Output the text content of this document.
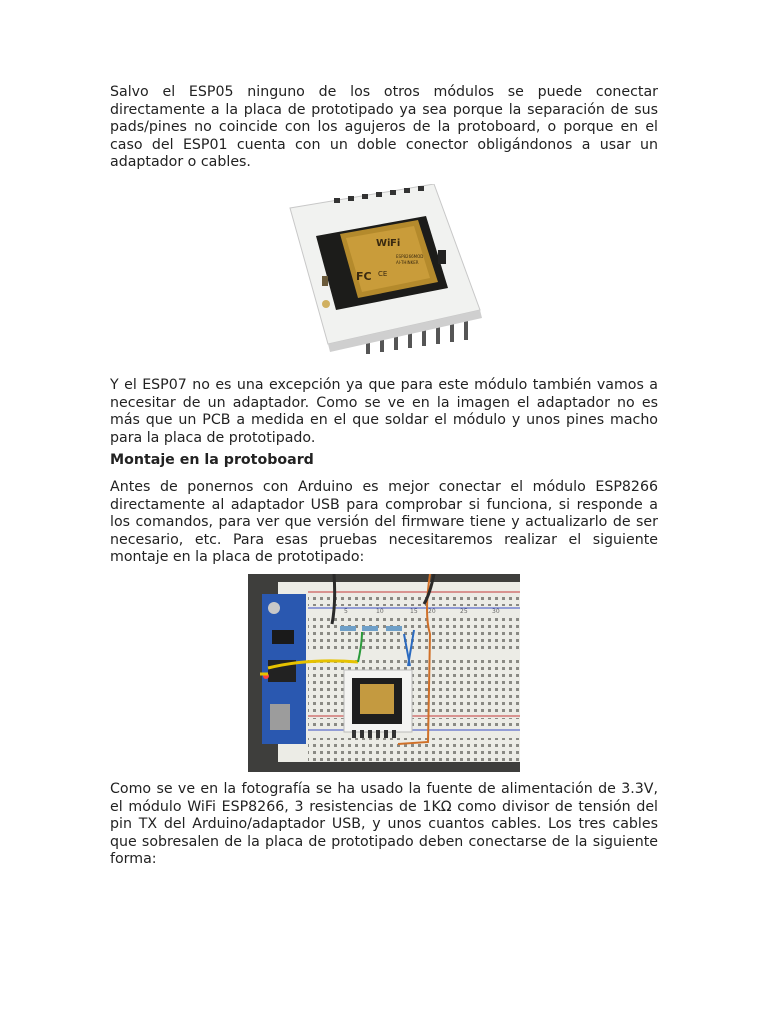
Salvo el ESP05 ninguno de los otros módulos se puede conectar directamente a la placa de prototipado ya sea porque la separación de sus pads/pines no coincide con los agujeros de la protoboard, o porque en el caso del ESP01 cuenta con un doble conector obligándonos a usar un adaptador o cables.

Wi Fi
FC CE
ESP8266MOD
AI-THINKER

Y el ESP07 no es una excepción ya que para este módulo también vamos a necesitar de un adaptador. Como se ve en la imagen el adaptador no es más que un PCB a medida en el que soldar el módulo y unos pines macho para la placa de prototipado.

Montaje en la protoboard

Antes de ponernos con Arduino es mejor conectar el módulo ESP8266 directamente al adaptador USB para comprobar si funciona, si responde a los comandos, para ver que versión del firmware tiene y actualizarlo de ser necesario, etc. Para esas pruebas necesitaremos realizar el siguiente montaje en la placa de prototipado:

5	10	15 20	25	30

Como se ve en la fotografía se ha usado la fuente de alimentación de 3.3V, el módulo WiFi ESP8266, 3 resistencias de 1KΩ como divisor de tensión del pin TX del Arduino/adaptador USB, y unos cuantos cables. Los tres cables que sobresalen de la placa de prototipado deben conectarse de la siguiente forma:
